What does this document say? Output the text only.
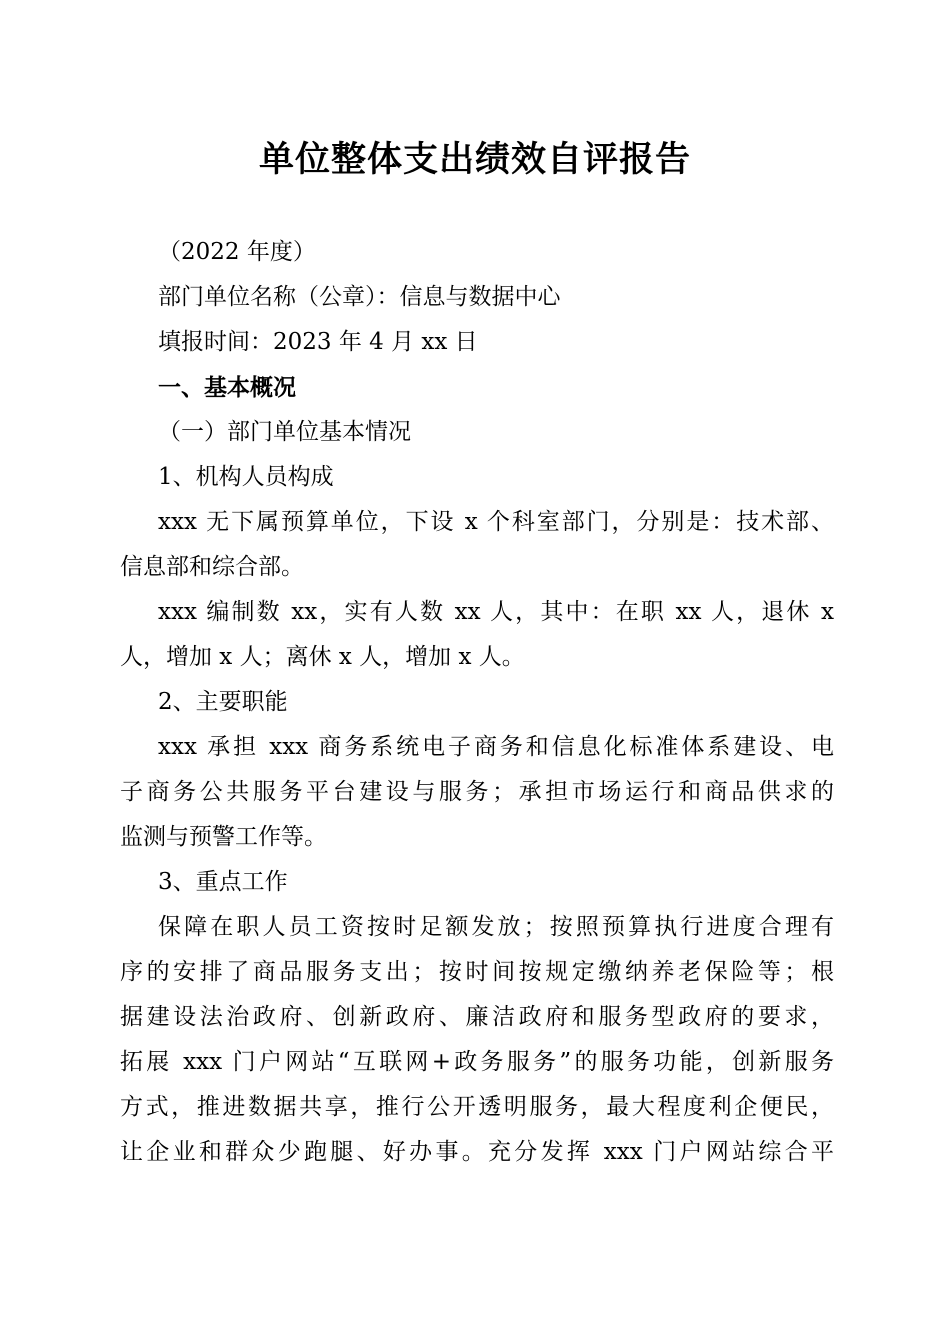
单位整体支出绩效自评报告
（2022 年度）
部门单位名称（公章）：信息与数据中心
填报时间：2023 年 4 月 xx 日
一、基本概况
（一）部门单位基本情况
1、机构人员构成
xxx 无下属预算单位，下设 x 个科室部门，分别是：技术部、
信息部和综合部。
xxx 编制数 xx，实有人数 xx 人，其中：在职 xx 人，退休 x
人，增加 x 人；离休 x 人，增加 x 人。
2、主要职能
xxx 承担 xxx 商务系统电子商务和信息化标准体系建设、电
子商务公共服务平台建设与服务；承担市场运行和商品供求的
监测与预警工作等。
3、重点工作
保障在职人员工资按时足额发放；按照预算执行进度合理有
序的安排了商品服务支出；按时间按规定缴纳养老保险等；根
据建设法治政府、创新政府、廉洁政府和服务型政府的要求，
拓展 xxx 门户网站“互联网+政务服务”的服务功能，创新服务
方式，推进数据共享，推行公开透明服务，最大程度利企便民，
让企业和群众少跑腿、好办事。充分发挥 xxx 门户网站综合平
